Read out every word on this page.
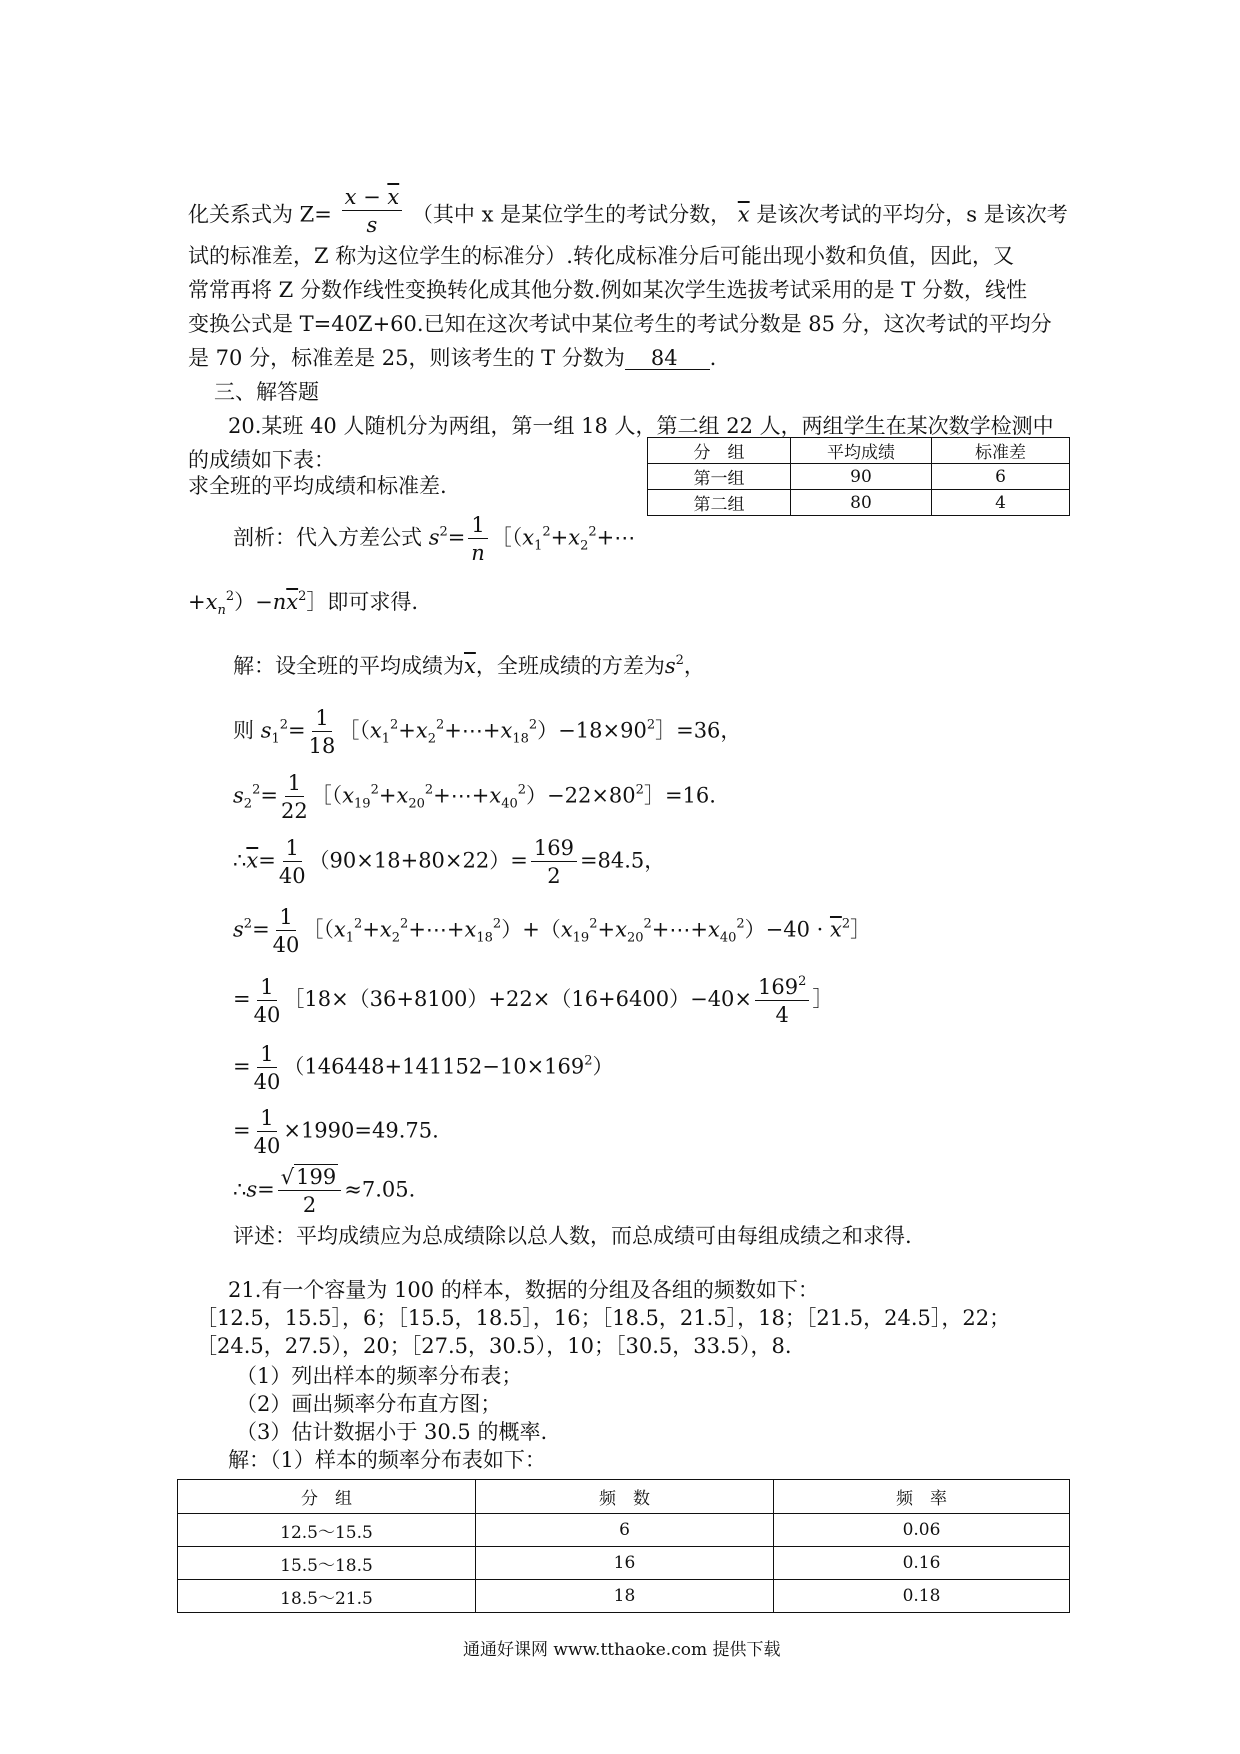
化关系式为 $Z= \frac{x - \overline{x}}{s}$ （其中 x 是某位学生的考试分数， $\overline{x}$ 是该次考试的平均分，s 是该次考
试的标准差，Z 称为这位学生的标准分）.转化成标准分后可能出现小数和负值，因此，又
常常再将 Z 分数作线性变换转化成其他分数.例如某次学生选拔考试采用的是 T 分数，线性
变换公式是 T=40Z+60.已知在这次考试中某位考生的考试分数是 85 分，这次考试的平均分
是 70 分，标准差是 25，则该考生的 T 分数为 84 .
三、解答题
20.某班 40 人随机分为两组，第一组 18 人，第二组 22 人，两组学生在某次数学检测中
的成绩如下表：
求全班的平均成绩和标准差.
分　组	平均成绩	标准差
第一组	90	6
第二组	80	4
剖析：代入方差公式 $s^2= \frac{1}{n}$ $[(x_1^2+x_2^2+\cdots$
$+x_n^2)-n\overline{x}^2]$即可求得.
解：设全班的平均成绩为$\overline{x}$，全班成绩的方差为$s^2$，
则 $s_1^2= \frac{1}{18}$ $[(x_1^2+x_2^2+\cdots+x_{18}^2)-18\times 90^2]=36$，
$s_2^2= \frac{1}{22}$ $[(x_{19}^2+x_{20}^2+\cdots+x_{40}^2)-22\times 80^2]=16$.
$\therefore\overline{x}= \frac{1}{40} (90\times 18+80\times 22)= \frac{169}{2} =84.5$，
$s^2= \frac{1}{40}$ $[(x_1^2+x_2^2+\cdots+x_{18}^2)+(x_{19}^2+x_{20}^2+\cdots+x_{40}^2)-40$ · $\overline{x}^2]$
= $\frac{1}{40}$ ［18×（36+8100）+22×（16+6400）−40× $\frac{169^2}{4}$ ］
= $\frac{1}{40} (146448+141152-10\times 169^2)$
= $\frac{1}{40} \times 1990=49.75$.
∴s= $\frac{√199}{2} \approx 7.05$.
评述：平均成绩应为总成绩除以总人数，而总成绩可由每组成绩之和求得.
21.有一个容量为 100 的样本，数据的分组及各组的频数如下：
［12.5，15.5］，6；［15.5，18.5］，16；［18.5，21.5］，18；［21.5，24.5］，22；
［24.5，27.5），20；［27.5，30.5），10；［30.5，33.5），8.
（1）列出样本的频率分布表；
（2）画出频率分布直方图；
（3）估计数据小于 30.5 的概率.
解：（1）样本的频率分布表如下：
分　组	频　数	频　率
12.5～15.5	6	0.06
15.5～18.5	16	0.16
18.5～21.5	18	0.18
通通好课网 www.tthaoke.com 提供下载
